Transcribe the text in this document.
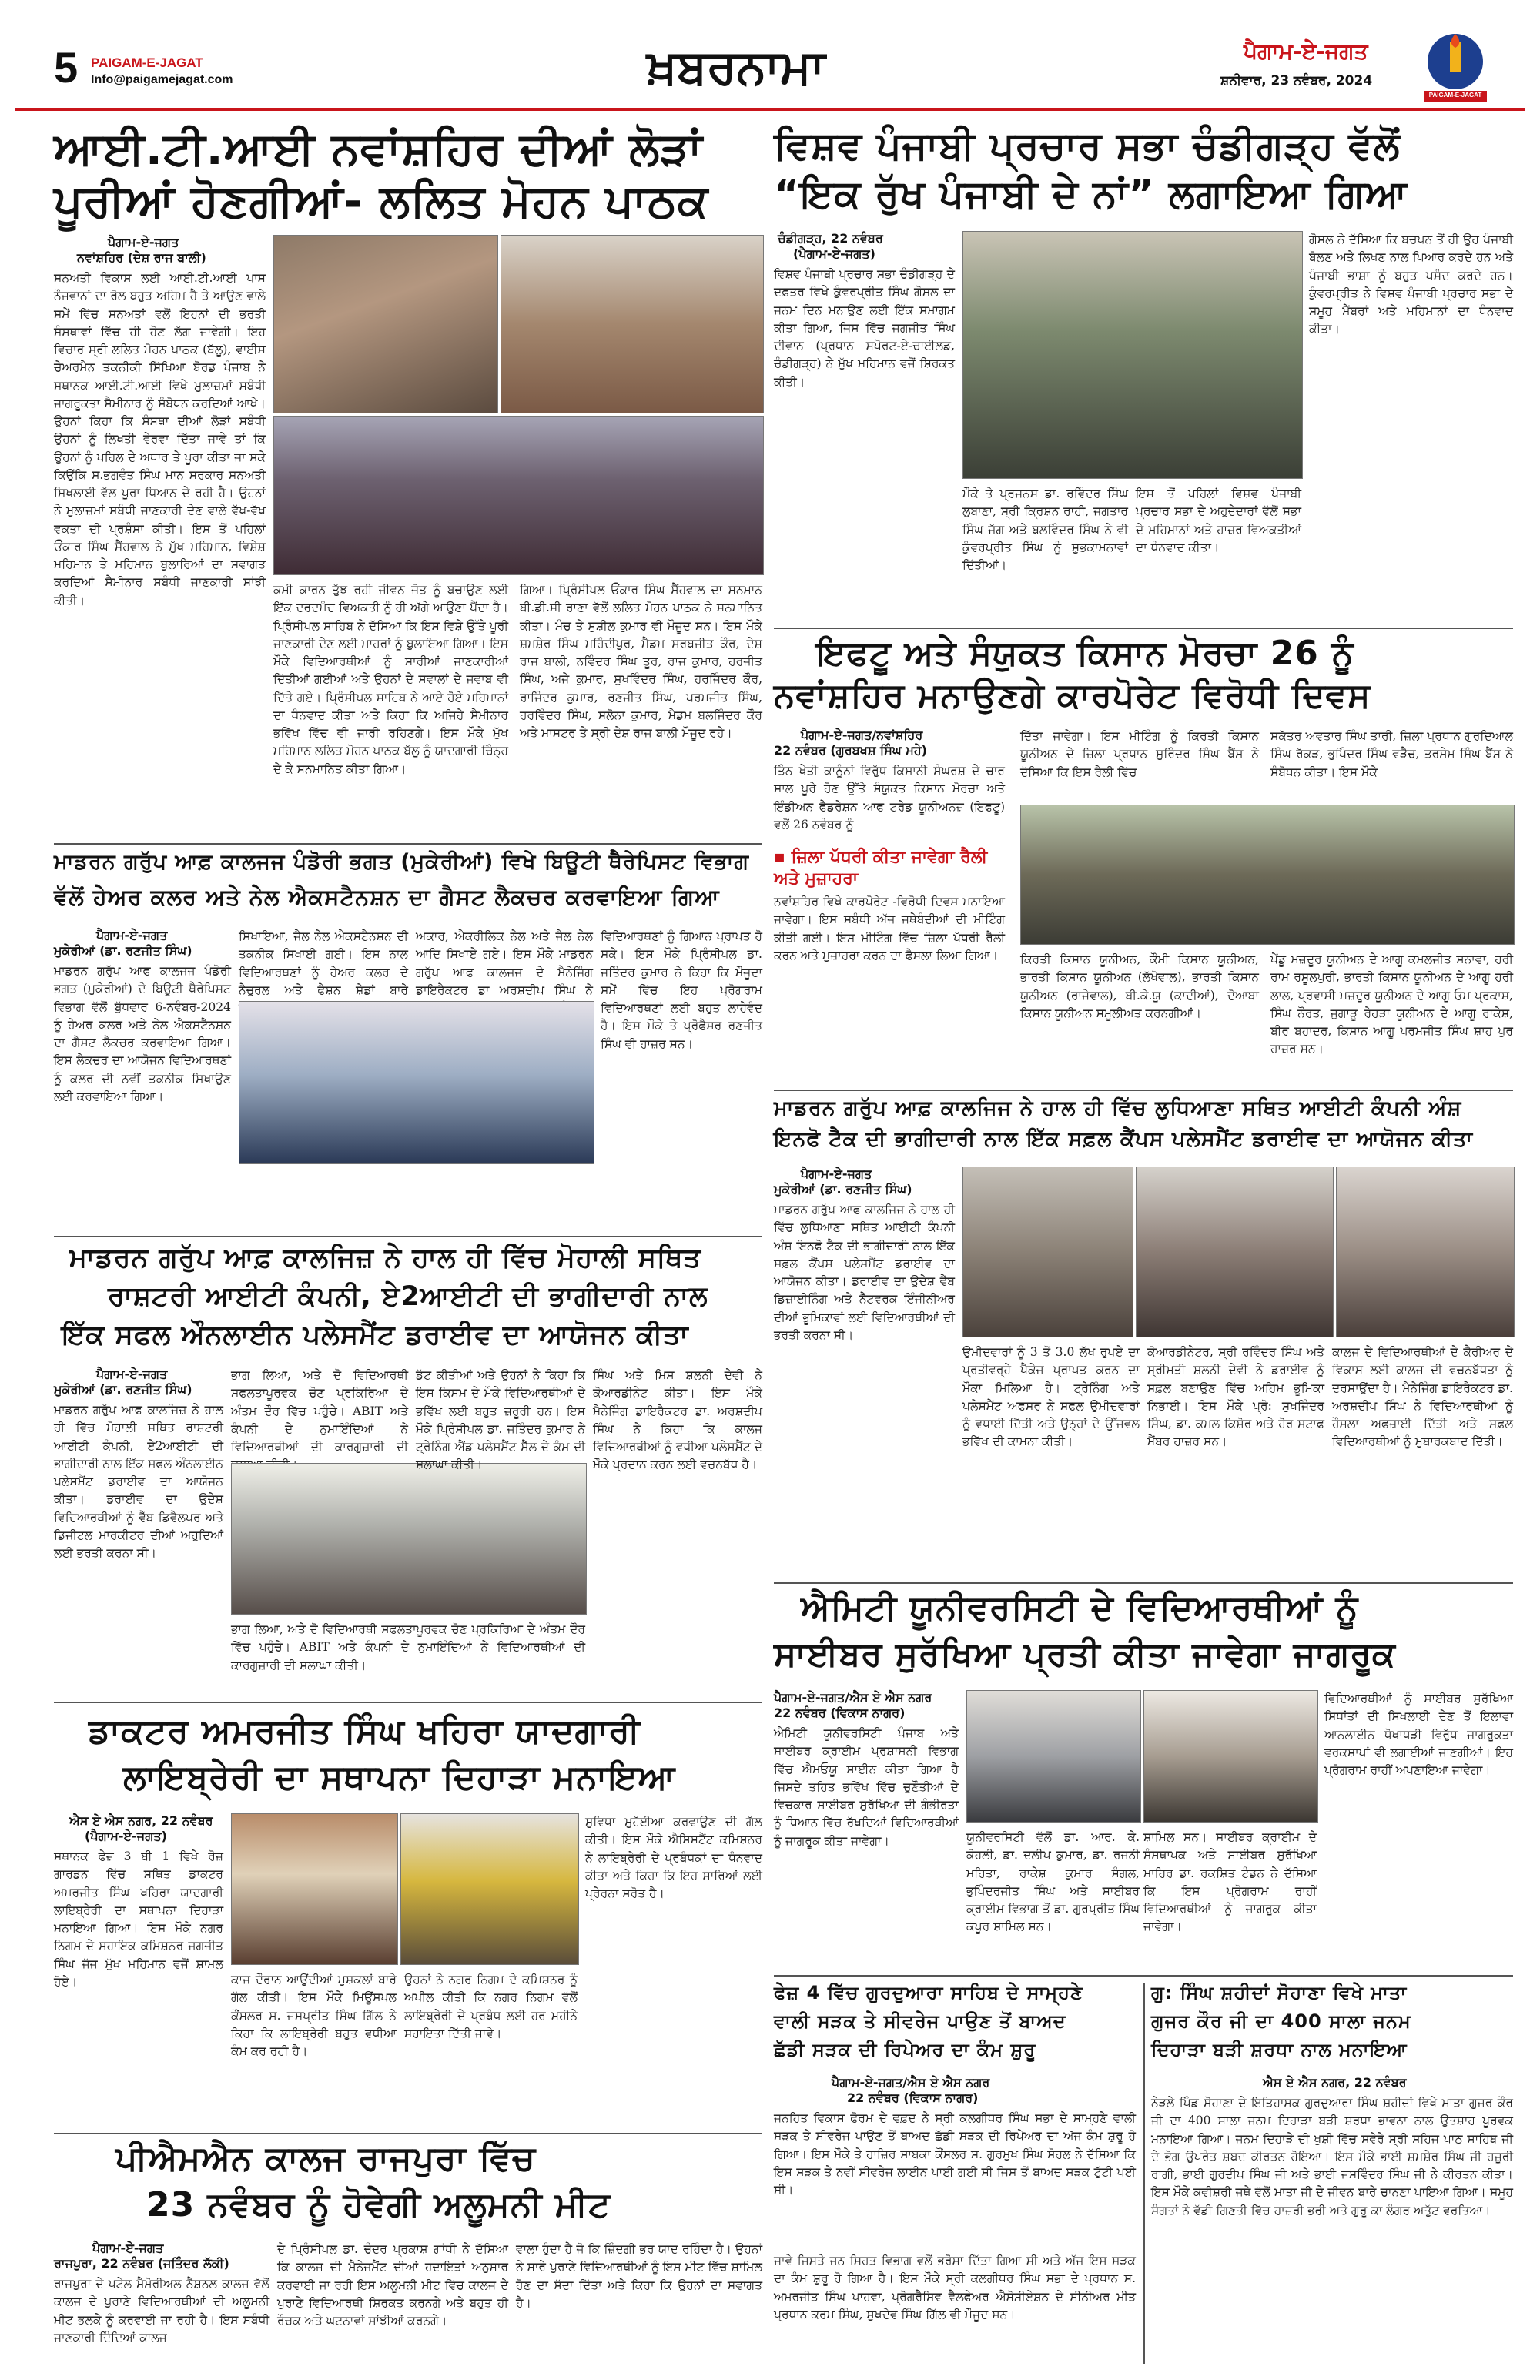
5 PAIGAM-E-JAGAT
Info@paigamejagat.com	ਖ਼ਬਰਨਾਮਾ	ਪੈਗਾਮ-ਏ-ਜਗਤ
ਸ਼ਨੀਵਾਰ, 23 ਨਵੰਬਰ, 2024
PAIGAM-E-JAGAT
ਆਈ.ਟੀ.ਆਈ ਨਵਾਂਸ਼ਹਿਰ ਦੀਆਂ ਲੋੜਾਂ
ਪੂਰੀਆਂ ਹੋਣਗੀਆਂ- ਲਲਿਤ ਮੋਹਨ ਪਾਠਕ
ਪੈਗਾਮ-ਏ-ਜਗਤ
ਨਵਾਂਸ਼ਹਿਰ (ਦੇਸ਼ ਰਾਜ ਬਾਲੀ)
ਸਨਅਤੀ ਵਿਕਾਸ ਲਈ ਆਈ.ਟੀ.ਆਈ ਪਾਸ ਨੌਜਵਾਨਾਂ ਦਾ ਰੋਲ ਬਹੁਤ ਅਹਿਮ ਹੈ ਤੇ ਆਉਣ ਵਾਲੇ ਸਮੇਂ ਵਿੱਚ ਸਨਅਤਾਂ ਵਲੋਂ ਇਹਨਾਂ ਦੀ ਭਰਤੀ ਸੰਸਥਾਵਾਂ ਵਿੱਚ ਹੀ ਹੋਣ ਲੱਗ ਜਾਵੇਗੀ। ਇਹ ਵਿਚਾਰ ਸ੍ਰੀ ਲਲਿਤ ਮੋਹਨ ਪਾਠਕ (ਬੱਲੂ), ਵਾਈਸ ਚੇਅਰਮੈਨ ਤਕਨੀਕੀ ਸਿੱਖਿਆ ਬੋਰਡ ਪੰਜਾਬ ਨੇ ਸਥਾਨਕ ਆਈ.ਟੀ.ਆਈ ਵਿਖੇ ਮੁਲਾਜ਼ਮਾਂ ਸਬੰਧੀ ਜਾਗਰੂਕਤਾ ਸੈਮੀਨਾਰ ਨੂੰ ਸੰਬੋਧਨ ਕਰਦਿਆਂ ਆਖੇ। ਉਹਨਾਂ ਕਿਹਾ ਕਿ ਸੰਸਥਾ ਦੀਆਂ ਲੋੜਾਂ ਸਬੰਧੀ ਉਹਨਾਂ ਨੂੰ ਲਿਖਤੀ ਵੇਰਵਾ ਦਿੱਤਾ ਜਾਵੇ ਤਾਂ ਕਿ ਉਹਨਾਂ ਨੂੰ ਪਹਿਲ ਦੇ ਅਧਾਰ ਤੇ ਪੂਰਾ ਕੀਤਾ ਜਾ ਸਕੇ ਕਿਉਂਕਿ ਸ.ਭਗਵੰਤ ਸਿੰਘ ਮਾਨ ਸਰਕਾਰ ਸਨਅਤੀ ਸਿਖਲਾਈ ਵੱਲ ਪੂਰਾ ਧਿਆਨ ਦੇ ਰਹੀ ਹੈ। ਉਹਨਾਂ ਨੇ ਮੁਲਾਜ਼ਮਾਂ ਸਬੰਧੀ ਜਾਣਕਾਰੀ ਦੇਣ ਵਾਲੇ ਵੱਖ-ਵੱਖ ਵਕਤਾ ਦੀ ਪ੍ਰਸ਼ੰਸਾ ਕੀਤੀ। ਇਸ ਤੋਂ ਪਹਿਲਾਂ ਓਂਕਾਰ ਸਿੰਘ ਸੈਂਹਵਾਲ ਨੇ ਮੁੱਖ ਮਹਿਮਾਨ, ਵਿਸ਼ੇਸ਼ ਮਹਿਮਾਨ ਤੇ ਮਹਿਮਾਨ ਬੁਲਾਰਿਆਂ ਦਾ ਸਵਾਗਤ ਕਰਦਿਆਂ ਸੈਮੀਨਾਰ ਸਬੰਧੀ ਜਾਣਕਾਰੀ ਸਾਂਝੀ ਕੀਤੀ।
ਕਮੀ ਕਾਰਨ ਤੁੱਝ ਰਹੀ ਜੀਵਨ ਜੋਤ ਨੂੰ ਬਚਾਉਣ ਲਈ ਇੱਕ ਦਰਦਮੰਦ ਵਿਅਕਤੀ ਨੂੰ ਹੀ ਅੱਗੇ ਆਉਣਾ ਪੈਂਦਾ ਹੈ। ਪ੍ਰਿੰਸੀਪਲ ਸਾਹਿਬ ਨੇ ਦੱਸਿਆ ਕਿ ਇਸ ਵਿਸ਼ੇ ਉੱਤੇ ਪੂਰੀ ਜਾਣਕਾਰੀ ਦੇਣ ਲਈ ਮਾਹਰਾਂ ਨੂੰ ਬੁਲਾਇਆ ਗਿਆ। ਇਸ ਮੌਕੇ ਵਿਦਿਆਰਥੀਆਂ ਨੂੰ ਸਾਰੀਆਂ ਜਾਣਕਾਰੀਆਂ ਦਿੱਤੀਆਂ ਗਈਆਂ ਅਤੇ ਉਹਨਾਂ ਦੇ ਸਵਾਲਾਂ ਦੇ ਜਵਾਬ ਵੀ ਦਿੱਤੇ ਗਏ। ਪ੍ਰਿੰਸੀਪਲ ਸਾਹਿਬ ਨੇ ਆਏ ਹੋਏ ਮਹਿਮਾਨਾਂ ਦਾ ਧੰਨਵਾਦ ਕੀਤਾ ਅਤੇ ਕਿਹਾ ਕਿ ਅਜਿਹੇ ਸੈਮੀਨਾਰ ਭਵਿੱਖ ਵਿੱਚ ਵੀ ਜਾਰੀ ਰਹਿਣਗੇ। ਇਸ ਮੌਕੇ ਮੁੱਖ ਮਹਿਮਾਨ ਲਲਿਤ ਮੋਹਨ ਪਾਠਕ ਬੱਲੂ ਨੂੰ ਯਾਦਗਾਰੀ ਚਿੰਨ੍ਹ ਦੇ ਕੇ ਸਨਮਾਨਿਤ ਕੀਤਾ ਗਿਆ।
ਗਿਆ। ਪ੍ਰਿੰਸੀਪਲ ਓਂਕਾਰ ਸਿੰਘ ਸੈਂਹਵਾਲ ਦਾ ਸਨਮਾਨ ਬੀ.ਡੀ.ਸੀ ਰਾਣਾ ਵੱਲੋਂ ਲਲਿਤ ਮੋਹਨ ਪਾਠਕ ਨੇ ਸਨਮਾਨਿਤ ਕੀਤਾ। ਮੰਚ ਤੇ ਸੁਸ਼ੀਲ ਕੁਮਾਰ ਵੀ ਮੌਜੂਦ ਸਨ। ਇਸ ਮੌਕੇ ਸ਼ਮਸ਼ੇਰ ਸਿੰਘ ਮਹਿੰਦੀਪੁਰ, ਮੈਡਮ ਸਰਬਜੀਤ ਕੌਰ, ਦੇਸ਼ ਰਾਜ ਬਾਲੀ, ਨਵਿੰਦਰ ਸਿੰਘ ਤੂਰ, ਰਾਜ ਕੁਮਾਰ, ਹਰਜੀਤ ਸਿੰਘ, ਅਜੇ ਕੁਮਾਰ, ਸੁਖਵਿੰਦਰ ਸਿੰਘ, ਹਰਜਿੰਦਰ ਕੌਰ, ਰਾਜਿੰਦਰ ਕੁਮਾਰ, ਰਣਜੀਤ ਸਿੰਘ, ਪਰਮਜੀਤ ਸਿੰਘ, ਹਰਵਿੰਦਰ ਸਿੰਘ, ਸਲੋਨਾ ਕੁਮਾਰ, ਮੈਡਮ ਬਲਜਿੰਦਰ ਕੌਰ ਅਤੇ ਮਾਸਟਰ ਤੇ ਸ੍ਰੀ ਦੇਸ਼ ਰਾਜ ਬਾਲੀ ਮੌਜੂਦ ਰਹੇ।
ਵਿਸ਼ਵ ਪੰਜਾਬੀ ਪ੍ਰਚਾਰ ਸਭਾ ਚੰਡੀਗੜ੍ਹ ਵੱਲੋਂ
“ਇਕ ਰੁੱਖ ਪੰਜਾਬੀ ਦੇ ਨਾਂ” ਲਗਾਇਆ ਗਿਆ
ਚੰਡੀਗੜ੍ਹ, 22 ਨਵੰਬਰ
(ਪੈਗਾਮ-ਏ-ਜਗਤ)
ਵਿਸ਼ਵ ਪੰਜਾਬੀ ਪ੍ਰਚਾਰ ਸਭਾ ਚੰਡੀਗੜ੍ਹ ਦੇ ਦਫ਼ਤਰ ਵਿਖੇ ਕੁੰਵਰਪ੍ਰੀਤ ਸਿੰਘ ਗੋਸਲ ਦਾ ਜਨਮ ਦਿਨ ਮਨਾਉਣ ਲਈ ਇੱਕ ਸਮਾਗਮ ਕੀਤਾ ਗਿਆ, ਜਿਸ ਵਿੱਚ ਜਗਜੀਤ ਸਿੰਘ ਦੀਵਾਨ (ਪ੍ਰਧਾਨ ਸਪੋਰਟ-ਏ-ਚਾਈਲਡ, ਚੰਡੀਗੜ੍ਹ) ਨੇ ਮੁੱਖ ਮਹਿਮਾਨ ਵਜੋਂ ਸ਼ਿਰਕਤ ਕੀਤੀ।
ਮੌਕੇ ਤੇ ਪ੍ਰਜਨਸ ਡਾ. ਰਵਿੰਦਰ ਸਿੰਘ ਲੁਬਾਣਾ, ਸ੍ਰੀ ਕ੍ਰਿਸ਼ਨ ਰਾਹੀ, ਜਗਤਾਰ ਸਿੰਘ ਜੱਗ ਅਤੇ ਬਲਵਿੰਦਰ ਸਿੰਘ ਨੇ ਵੀ ਕੁੰਵਰਪ੍ਰੀਤ ਸਿੰਘ ਨੂੰ ਸ਼ੁਭਕਾਮਨਾਵਾਂ ਦਿੱਤੀਆਂ।
ਇਸ ਤੋਂ ਪਹਿਲਾਂ ਵਿਸ਼ਵ ਪੰਜਾਬੀ ਪ੍ਰਚਾਰ ਸਭਾ ਦੇ ਅਹੁਦੇਦਾਰਾਂ ਵੱਲੋਂ ਸਭਾ ਦੇ ਮਹਿਮਾਨਾਂ ਅਤੇ ਹਾਜ਼ਰ ਵਿਅਕਤੀਆਂ ਦਾ ਧੰਨਵਾਦ ਕੀਤਾ।
ਗੋਸਲ ਨੇ ਦੱਸਿਆ ਕਿ ਬਚਪਨ ਤੋਂ ਹੀ ਉਹ ਪੰਜਾਬੀ ਬੋਲਣ ਅਤੇ ਲਿਖਣ ਨਾਲ ਪਿਆਰ ਕਰਦੇ ਹਨ ਅਤੇ ਪੰਜਾਬੀ ਭਾਸ਼ਾ ਨੂੰ ਬਹੁਤ ਪਸੰਦ ਕਰਦੇ ਹਨ। ਕੁੰਵਰਪ੍ਰੀਤ ਨੇ ਵਿਸ਼ਵ ਪੰਜਾਬੀ ਪ੍ਰਚਾਰ ਸਭਾ ਦੇ ਸਮੂਹ ਮੈਂਬਰਾਂ ਅਤੇ ਮਹਿਮਾਨਾਂ ਦਾ ਧੰਨਵਾਦ ਕੀਤਾ।
ਇਫਟੂ ਅਤੇ ਸੰਯੁਕਤ ਕਿਸਾਨ ਮੋਰਚਾ 26 ਨੂੰ
ਨਵਾਂਸ਼ਹਿਰ ਮਨਾਉਣਗੇ ਕਾਰਪੋਰੇਟ ਵਿਰੋਧੀ ਦਿਵਸ
ਪੈਗਾਮ-ਏ-ਜਗਤ/ਨਵਾਂਸ਼ਹਿਰ
22 ਨਵੰਬਰ (ਗੁਰਬਖਸ਼ ਸਿੰਘ ਮਹੇ)
ਤਿੰਨ ਖੇਤੀ ਕਾਨੂੰਨਾਂ ਵਿਰੁੱਧ ਕਿਸਾਨੀ ਸੰਘਰਸ਼ ਦੇ ਚਾਰ ਸਾਲ ਪੂਰੇ ਹੋਣ ਉੱਤੇ ਸੰਯੁਕਤ ਕਿਸਾਨ ਮੋਰਚਾ ਅਤੇ ਇੰਡੀਅਨ ਫੈਡਰੇਸ਼ਨ ਆਫ ਟਰੇਡ ਯੂਨੀਅਨਜ਼ (ਇਫਟੂ) ਵਲੋਂ 26 ਨਵੰਬਰ ਨੂੰ
▪ ਜ਼ਿਲਾ ਪੱਧਰੀ ਕੀਤਾ ਜਾਵੇਗਾ ਰੈਲੀ ਅਤੇ ਮੁਜ਼ਾਹਰਾ
ਦਿੱਤਾ ਜਾਵੇਗਾ। ਇਸ ਮੀਟਿੰਗ ਨੂੰ ਕਿਰਤੀ ਕਿਸਾਨ ਯੂਨੀਅਨ ਦੇ ਜ਼ਿਲਾ ਪ੍ਰਧਾਨ ਸੁਰਿੰਦਰ ਸਿੰਘ ਬੈਂਸ ਨੇ ਦੱਸਿਆ ਕਿ ਇਸ ਰੈਲੀ ਵਿੱਚ
ਸਕੱਤਰ ਅਵਤਾਰ ਸਿੰਘ ਤਾਰੀ, ਜ਼ਿਲਾ ਪ੍ਰਧਾਨ ਗੁਰਦਿਆਲ ਸਿੰਘ ਰੱਕੜ, ਭੁਪਿੰਦਰ ਸਿੰਘ ਵੜੈਚ, ਤਰਸੇਮ ਸਿੰਘ ਬੈਂਸ ਨੇ ਸੰਬੋਧਨ ਕੀਤਾ। ਇਸ ਮੌਕੇ
ਨਵਾਂਸ਼ਹਿਰ ਵਿਖੇ ਕਾਰਪੋਰੇਟ -ਵਿਰੋਧੀ ਦਿਵਸ ਮਨਾਇਆ ਜਾਵੇਗਾ। ਇਸ ਸਬੰਧੀ ਅੱਜ ਜਥੇਬੰਦੀਆਂ ਦੀ ਮੀਟਿੰਗ ਕੀਤੀ ਗਈ। ਇਸ ਮੀਟਿੰਗ ਵਿੱਚ ਜ਼ਿਲਾ ਪੱਧਰੀ ਰੈਲੀ ਕਰਨ ਅਤੇ ਮੁਜ਼ਾਹਰਾ ਕਰਨ ਦਾ ਫੈਸਲਾ ਲਿਆ ਗਿਆ।	ਕਿਰਤੀ ਕਿਸਾਨ ਯੂਨੀਅਨ, ਕੌਮੀ ਕਿਸਾਨ ਯੂਨੀਅਨ, ਭਾਰਤੀ ਕਿਸਾਨ ਯੂਨੀਅਨ (ਲੱਖੋਵਾਲ), ਭਾਰਤੀ ਕਿਸਾਨ ਯੂਨੀਅਨ (ਰਾਜੇਵਾਲ), ਬੀ.ਕੇ.ਯੂ (ਕਾਦੀਆਂ), ਦੋਆਬਾ ਕਿਸਾਨ ਯੂਨੀਅਨ ਸਮੂਲੀਅਤ ਕਰਨਗੀਆਂ।
ਪੇਂਡੂ ਮਜ਼ਦੂਰ ਯੂਨੀਅਨ ਦੇ ਆਗੂ ਕਮਲਜੀਤ ਸਨਾਵਾ, ਹਰੀ ਰਾਮ ਰਸੂਲਪੁਰੀ, ਭਾਰਤੀ ਕਿਸਾਨ ਯੂਨੀਅਨ ਦੇ ਆਗੂ ਹਰੀ ਲਾਲ, ਪ੍ਰਵਾਸੀ ਮਜ਼ਦੂਰ ਯੂਨੀਅਨ ਦੇ ਆਗੂ ਓਮ ਪ੍ਰਕਾਸ਼, ਸਿੰਘ ਨੌਰਤ, ਜੁਗਾੜੂ ਰੇਹੜਾ ਯੂਨੀਅਨ ਦੇ ਆਗੂ ਰਾਕੇਸ਼, ਬੀਰ ਬਹਾਦਰ, ਕਿਸਾਨ ਆਗੂ ਪਰਮਜੀਤ ਸਿੰਘ ਸ਼ਾਹ ਪੁਰ ਹਾਜ਼ਰ ਸਨ।
ਮਾਡਰਨ ਗਰੁੱਪ ਆਫ਼ ਕਾਲਜਜ ਪੰਡੋਰੀ ਭਗਤ (ਮੁਕੇਰੀਆਂ) ਵਿਖੇ ਬਿਊਟੀ ਥੈਰੇਪਿਸਟ ਵਿਭਾਗ
ਵੱਲੋਂ ਹੇਅਰ ਕਲਰ ਅਤੇ ਨੇਲ ਐਕਸਟੈਨਸ਼ਨ ਦਾ ਗੈਸਟ ਲੈਕਚਰ ਕਰਵਾਇਆ ਗਿਆ
ਪੈਗਾਮ-ਏ-ਜਗਤ
ਮੁਕੇਰੀਆਂ (ਡਾ. ਰਣਜੀਤ ਸਿੰਘ)
ਮਾਡਰਨ ਗਰੁੱਪ ਆਫ ਕਾਲਜਜ ਪੰਡੋਰੀ ਭਗਤ (ਮੁਕੇਰੀਆਂ) ਦੇ ਬਿਊਟੀ ਥੈਰੇਪਿਸਟ ਵਿਭਾਗ ਵੱਲੋਂ ਬੁੱਧਵਾਰ 6-ਨਵੰਬਰ-2024 ਨੂੰ ਹੇਅਰ ਕਲਰ ਅਤੇ ਨੇਲ ਐਕਸਟੈਨਸ਼ਨ ਦਾ ਗੈਸਟ ਲੈਕਚਰ ਕਰਵਾਇਆ ਗਿਆ। ਇਸ ਲੈਕਚਰ ਦਾ ਆਯੋਜਨ ਵਿਦਿਆਰਥਣਾਂ ਨੂੰ ਕਲਰ ਦੀ ਨਵੀਂ ਤਕਨੀਕ ਸਿਖਾਉਣ ਲਈ ਕਰਵਾਇਆ ਗਿਆ।
ਸਿਖਾਇਆ, ਜੈਲ ਨੇਲ ਐਕਸਟੈਨਸ਼ਨ ਦੀ ਤਕਨੀਕ ਸਿਖਾਈ ਗਈ। ਇਸ ਨਾਲ ਵਿਦਿਆਰਥਣਾਂ ਨੂੰ ਹੇਅਰ ਕਲਰ ਦੇ ਨੈਚੁਰਲ ਅਤੇ ਫੈਸ਼ਨ ਸ਼ੇਡਾਂ ਬਾਰੇ
ਅਕਾਰ, ਐਕਰੀਲਿਕ ਨੇਲ ਅਤੇ ਜੈਲ ਨੇਲ ਆਦਿ ਸਿਖਾਏ ਗਏ। ਇਸ ਮੌਕੇ ਮਾਡਰਨ ਗਰੁੱਪ ਆਫ ਕਾਲਜਜ ਦੇ ਮੈਨੇਜਿੰਗ ਡਾਇਰੈਕਟਰ ਡਾ ਅਰਸ਼ਦੀਪ ਸਿੰਘ ਨੇ
ਵਿਦਿਆਰਥਣਾਂ ਨੂੰ ਗਿਆਨ ਪ੍ਰਾਪਤ ਹੋ ਸਕੇ। ਇਸ ਮੌਕੇ ਪ੍ਰਿੰਸੀਪਲ ਡਾ. ਜਤਿੰਦਰ ਕੁਮਾਰ ਨੇ ਕਿਹਾ ਕਿ ਮੌਜੂਦਾ ਸਮੇਂ ਵਿੱਚ ਇਹ ਪ੍ਰੋਗਰਾਮ ਵਿਦਿਆਰਥਣਾਂ ਲਈ ਬਹੁਤ ਲਾਹੇਵੰਦ ਹੈ। ਇਸ ਮੌਕੇ ਤੇ ਪ੍ਰੋਫੈਸਰ ਰਣਜੀਤ ਸਿੰਘ ਵੀ ਹਾਜ਼ਰ ਸਨ।
ਮਾਡਰਨ ਗਰੁੱਪ ਆਫ਼ ਕਾਲਜਿਜ਼ ਨੇ ਹਾਲ ਹੀ ਵਿੱਚ ਮੋਹਾਲੀ ਸਥਿਤ
ਰਾਸ਼ਟਰੀ ਆਈਟੀ ਕੰਪਨੀ, ਏ2ਆਈਟੀ ਦੀ ਭਾਗੀਦਾਰੀ ਨਾਲ
ਇੱਕ ਸਫਲ ਔਨਲਾਈਨ ਪਲੇਸਮੈਂਟ ਡਰਾਈਵ ਦਾ ਆਯੋਜਨ ਕੀਤਾ
ਪੈਗਾਮ-ਏ-ਜਗਤ
ਮੁਕੇਰੀਆਂ (ਡਾ. ਰਣਜੀਤ ਸਿੰਘ)
ਮਾਡਰਨ ਗਰੁੱਪ ਆਫ ਕਾਲਜਿਜ਼ ਨੇ ਹਾਲ ਹੀ ਵਿੱਚ ਮੋਹਾਲੀ ਸਥਿਤ ਰਾਸ਼ਟਰੀ ਆਈਟੀ ਕੰਪਨੀ, ਏ2ਆਈਟੀ ਦੀ ਭਾਗੀਦਾਰੀ ਨਾਲ ਇੱਕ ਸਫਲ ਔਨਲਾਈਨ ਪਲੇਸਮੈਂਟ ਡਰਾਈਵ ਦਾ ਆਯੋਜਨ ਕੀਤਾ। ਡਰਾਈਵ ਦਾ ਉਦੇਸ਼ ਵਿਦਿਆਰਥੀਆਂ ਨੂੰ ਵੈੱਬ ਡਿਵੈਲਪਰ ਅਤੇ ਡਿਜੀਟਲ ਮਾਰਕੀਟਰ ਦੀਆਂ ਅਹੁਦਿਆਂ ਲਈ ਭਰਤੀ ਕਰਨਾ ਸੀ।
ਭਾਗ ਲਿਆ, ਅਤੇ ਦੋ ਵਿਦਿਆਰਥੀ ਸਫਲਤਾਪੂਰਵਕ ਚੋਣ ਪ੍ਰਕਿਰਿਆ ਦੇ ਅੰਤਮ ਦੌਰ ਵਿੱਚ ਪਹੁੰਚੇ। ABIT ਅਤੇ ਕੰਪਨੀ ਦੇ ਨੁਮਾਇੰਦਿਆਂ ਨੇ ਵਿਦਿਆਰਥੀਆਂ ਦੀ ਕਾਰਗੁਜ਼ਾਰੀ ਦੀ
ਡੱਟ ਕੀਤੀਆਂ ਅਤੇ ਉਹਨਾਂ ਨੇ ਕਿਹਾ ਕਿ ਇਸ ਕਿਸਮ ਦੇ ਮੌਕੇ ਵਿਦਿਆਰਥੀਆਂ ਦੇ ਭਵਿੱਖ ਲਈ ਬਹੁਤ ਜ਼ਰੂਰੀ ਹਨ। ਇਸ ਮੌਕੇ ਪ੍ਰਿੰਸੀਪਲ ਡਾ. ਜਤਿੰਦਰ ਕੁਮਾਰ ਨੇ ਟ੍ਰੇਨਿੰਗ ਐਂਡ ਪਲੇਸਮੈਂਟ ਸੈੱਲ ਦੇ ਕੰਮ ਦੀ ਸ਼ਲਾਘਾ ਕੀਤੀ।
ਸਿੰਘ ਅਤੇ ਮਿਸ ਸ਼ਲਨੀ ਦੇਵੀ ਨੇ ਕੋਆਰਡੀਨੇਟ ਕੀਤਾ। ਇਸ ਮੌਕੇ ਮੈਨੇਜਿੰਗ ਡਾਇਰੈਕਟਰ ਡਾ. ਅਰਸ਼ਦੀਪ ਸਿੰਘ ਨੇ ਕਿਹਾ ਕਿ ਕਾਲਜ ਵਿਦਿਆਰਥੀਆਂ ਨੂੰ ਵਧੀਆ ਪਲੇਸਮੈਂਟ ਦੇ ਮੌਕੇ ਪ੍ਰਦਾਨ ਕਰਨ ਲਈ ਵਚਨਬੱਧ ਹੈ।
ਭਾਗ ਲਿਆ, ਅਤੇ ਦੋ ਵਿਦਿਆਰਥੀ ਸਫਲਤਾਪੂਰਵਕ ਚੋਣ ਪ੍ਰਕਿਰਿਆ ਦੇ ਅੰਤਮ ਦੌਰ ਵਿੱਚ ਪਹੁੰਚੇ। ABIT ਅਤੇ ਕੰਪਨੀ ਦੇ ਨੁਮਾਇੰਦਿਆਂ ਨੇ ਵਿਦਿਆਰਥੀਆਂ ਦੀ ਕਾਰਗੁਜ਼ਾਰੀ ਦੀ ਸ਼ਲਾਘਾ ਕੀਤੀ।
ਮਾਡਰਨ ਗਰੁੱਪ ਆਫ਼ ਕਾਲਜਿਜ ਨੇ ਹਾਲ ਹੀ ਵਿੱਚ ਲੁਧਿਆਣਾ ਸਥਿਤ ਆਈਟੀ ਕੰਪਨੀ ਅੰਸ਼
ਇਨਫੋ ਟੈਕ ਦੀ ਭਾਗੀਦਾਰੀ ਨਾਲ ਇੱਕ ਸਫ਼ਲ ਕੈਂਪਸ ਪਲੇਸਮੈਂਟ ਡਰਾਈਵ ਦਾ ਆਯੋਜਨ ਕੀਤਾ
ਪੈਗਾਮ-ਏ-ਜਗਤ
ਮੁਕੇਰੀਆਂ (ਡਾ. ਰਣਜੀਤ ਸਿੰਘ)
ਮਾਡਰਨ ਗਰੁੱਪ ਆਫ ਕਾਲਜਿਜ ਨੇ ਹਾਲ ਹੀ ਵਿੱਚ ਲੁਧਿਆਣਾ ਸਥਿਤ ਆਈਟੀ ਕੰਪਨੀ ਅੰਸ਼ ਇਨਫੋ ਟੈਕ ਦੀ ਭਾਗੀਦਾਰੀ ਨਾਲ ਇੱਕ ਸਫ਼ਲ ਕੈਂਪਸ ਪਲੇਸਮੈਂਟ ਡਰਾਈਵ ਦਾ ਆਯੋਜਨ ਕੀਤਾ। ਡਰਾਈਵ ਦਾ ਉਦੇਸ਼ ਵੈੱਬ ਡਿਜ਼ਾਈਨਿੰਗ ਅਤੇ ਨੈੱਟਵਰਕ ਇੰਜੀਨੀਅਰ ਦੀਆਂ ਭੂਮਿਕਾਵਾਂ ਲਈ ਵਿਦਿਆਰਥੀਆਂ ਦੀ ਭਰਤੀ ਕਰਨਾ ਸੀ।
ਉਮੀਦਵਾਰਾਂ ਨੂੰ 3 ਤੋਂ 3.0 ਲੱਖ ਰੁਪਏ ਦਾ ਪ੍ਰਤੀਵਰ੍ਹੇ ਪੈਕੇਜ ਪ੍ਰਾਪਤ ਕਰਨ ਦਾ ਮੌਕਾ ਮਿਲਿਆ ਹੈ। ਟ੍ਰੇਨਿੰਗ ਅਤੇ ਪਲੇਸਮੈਂਟ ਅਫਸਰ ਨੇ ਸਫਲ ਉਮੀਦਵਾਰਾਂ ਨੂੰ ਵਧਾਈ ਦਿੱਤੀ ਅਤੇ ਉਨ੍ਹਾਂ ਦੇ ਉੱਜਵਲ ਭਵਿੱਖ ਦੀ ਕਾਮਨਾ ਕੀਤੀ।
ਕੋਆਰਡੀਨੇਟਰ, ਸ੍ਰੀ ਰਵਿੰਦਰ ਸਿੰਘ ਅਤੇ ਸ੍ਰੀਮਤੀ ਸ਼ਲਨੀ ਦੇਵੀ ਨੇ ਡਰਾਈਵ ਨੂੰ ਸਫ਼ਲ ਬਣਾਉਣ ਵਿੱਚ ਅਹਿਮ ਭੂਮਿਕਾ ਨਿਭਾਈ। ਇਸ ਮੌਕੇ ਪ੍ਰੋ: ਸੁਖਜਿੰਦਰ ਸਿੰਘ, ਡਾ. ਕਮਲ ਕਿਸ਼ੋਰ ਅਤੇ ਹੋਰ ਸਟਾਫ਼ ਮੈਂਬਰ ਹਾਜ਼ਰ ਸਨ।
ਕਾਲਜ ਦੇ ਵਿਦਿਆਰਥੀਆਂ ਦੇ ਕੈਰੀਅਰ ਦੇ ਵਿਕਾਸ ਲਈ ਕਾਲਜ ਦੀ ਵਚਨਬੱਧਤਾ ਨੂੰ ਦਰਸਾਉਂਦਾ ਹੈ। ਮੈਨੇਜਿੰਗ ਡਾਇਰੈਕਟਰ ਡਾ. ਅਰਸ਼ਦੀਪ ਸਿੰਘ ਨੇ ਵਿਦਿਆਰਥੀਆਂ ਨੂੰ ਹੌਸਲਾ ਅਫਜ਼ਾਈ ਦਿੱਤੀ ਅਤੇ ਸਫ਼ਲ ਵਿਦਿਆਰਥੀਆਂ ਨੂੰ ਮੁਬਾਰਕਬਾਦ ਦਿੱਤੀ।
ਐਮਿਟੀ ਯੂਨੀਵਰਸਿਟੀ ਦੇ ਵਿਦਿਆਰਥੀਆਂ ਨੂੰ
ਸਾਈਬਰ ਸੁਰੱਖਿਆ ਪ੍ਰਤੀ ਕੀਤਾ ਜਾਵੇਗਾ ਜਾਗਰੂਕ
ਪੈਗਾਮ-ਏ-ਜਗਤ/ਐਸ ਏ ਐਸ ਨਗਰ
22 ਨਵੰਬਰ (ਵਿਕਾਸ ਨਾਗਰ)
ਐਮਿਟੀ ਯੂਨੀਵਰਸਿਟੀ ਪੰਜਾਬ ਅਤੇ ਸਾਈਬਰ ਕ੍ਰਾਈਮ ਪ੍ਰਸ਼ਾਸਨੀ ਵਿਭਾਗ ਵਿੱਚ ਐਮਓਯੂ ਸਾਈਨ ਕੀਤਾ ਗਿਆ ਹੈ ਜਿਸਦੇ ਤਹਿਤ ਭਵਿੱਖ ਵਿੱਚ ਚੁਣੌਤੀਆਂ ਦੇ ਵਿਚਕਾਰ ਸਾਈਬਰ ਸੁਰੱਖਿਆ ਦੀ ਗੰਭੀਰਤਾ ਨੂੰ ਧਿਆਨ ਵਿੱਚ ਰੱਖਦਿਆਂ ਵਿਦਿਆਰਥੀਆਂ ਨੂੰ ਜਾਗਰੂਕ ਕੀਤਾ ਜਾਵੇਗਾ।	ਯੂਨੀਵਰਸਿਟੀ ਵੱਲੋਂ ਡਾ. ਆਰ. ਕੇ. ਕੋਹਲੀ, ਡਾ. ਦਲੀਪ ਕੁਮਾਰ, ਡਾ. ਰਜਨੀ ਮਹਿਤਾ, ਰਾਕੇਸ਼ ਕੁਮਾਰ ਸੰਗਲ, ਭੁਪਿੰਦਰਜੀਤ ਸਿੰਘ ਅਤੇ ਸਾਈਬਰ ਕ੍ਰਾਈਮ ਵਿਭਾਗ ਤੋਂ ਡਾ. ਗੁਰਪ੍ਰੀਤ ਸਿੰਘ ਕਪੂਰ ਸ਼ਾਮਿਲ ਸਨ।
ਸ਼ਾਮਿਲ ਸਨ। ਸਾਈਬਰ ਕ੍ਰਾਈਮ ਦੇ ਸੰਸਥਾਪਕ ਅਤੇ ਸਾਈਬਰ ਸੁਰੱਖਿਆ ਮਾਹਿਰ ਡਾ. ਰਕਸ਼ਿਤ ਟੰਡਨ ਨੇ ਦੱਸਿਆ ਕਿ ਇਸ ਪ੍ਰੋਗਰਾਮ ਰਾਹੀਂ ਵਿਦਿਆਰਥੀਆਂ ਨੂੰ ਜਾਗਰੂਕ ਕੀਤਾ ਜਾਵੇਗਾ।
ਵਿਦਿਆਰਥੀਆਂ ਨੂੰ ਸਾਈਬਰ ਸੁਰੱਖਿਆ ਸਿਧਾਂਤਾਂ ਦੀ ਸਿਖਲਾਈ ਦੇਣ ਤੋਂ ਇਲਾਵਾ ਆਨਲਾਈਨ ਧੋਖਾਧੜੀ ਵਿਰੁੱਧ ਜਾਗਰੂਕਤਾ ਵਰਕਸ਼ਾਪਾਂ ਵੀ ਲਗਾਈਆਂ ਜਾਣਗੀਆਂ। ਇਹ ਪ੍ਰੋਗਰਾਮ ਰਾਹੀਂ ਅਪਣਾਇਆ ਜਾਵੇਗਾ।
ਡਾਕਟਰ ਅਮਰਜੀਤ ਸਿੰਘ ਖਹਿਰਾ ਯਾਦਗਾਰੀ
ਲਾਇਬ੍ਰੇਰੀ ਦਾ ਸਥਾਪਨਾ ਦਿਹਾੜਾ ਮਨਾਇਆ
ਐਸ ਏ ਐਸ ਨਗਰ, 22 ਨਵੰਬਰ
(ਪੈਗਾਮ-ਏ-ਜਗਤ)
ਸਥਾਨਕ ਫੇਜ਼ 3 ਬੀ 1 ਵਿਖੇ ਰੋਜ਼ ਗਾਰਡਨ ਵਿੱਚ ਸਥਿਤ ਡਾਕਟਰ ਅਮਰਜੀਤ ਸਿੰਘ ਖਹਿਰਾ ਯਾਦਗਾਰੀ ਲਾਇਬ੍ਰੇਰੀ ਦਾ ਸਥਾਪਨਾ ਦਿਹਾੜਾ ਮਨਾਇਆ ਗਿਆ। ਇਸ ਮੌਕੇ ਨਗਰ ਨਿਗਮ ਦੇ ਸਹਾਇਕ ਕਮਿਸ਼ਨਰ ਜਗਜੀਤ ਸਿੰਘ ਜੱਜ ਮੁੱਖ ਮਹਿਮਾਨ ਵਜੋਂ ਸ਼ਾਮਲ ਹੋਏ।	ਕਾਜ ਦੌਰਾਨ ਆਉਂਦੀਆਂ ਮੁਸ਼ਕਲਾਂ ਬਾਰੇ ਗੱਲ ਕੀਤੀ। ਇਸ ਮੌਕੇ ਮਿਊਂਸਪਲ ਕੌਂਸਲਰ ਸ. ਜਸਪ੍ਰੀਤ ਸਿੰਘ ਗਿੱਲ ਨੇ ਕਿਹਾ ਕਿ ਲਾਇਬ੍ਰੇਰੀ ਬਹੁਤ ਵਧੀਆ ਕੰਮ ਕਰ ਰਹੀ ਹੈ।
ਉਹਨਾਂ ਨੇ ਨਗਰ ਨਿਗਮ ਦੇ ਕਮਿਸ਼ਨਰ ਨੂੰ ਅਪੀਲ ਕੀਤੀ ਕਿ ਨਗਰ ਨਿਗਮ ਵੱਲੋਂ ਲਾਇਬ੍ਰੇਰੀ ਦੇ ਪ੍ਰਬੰਧ ਲਈ ਹਰ ਮਹੀਨੇ ਸਹਾਇਤਾ ਦਿੱਤੀ ਜਾਵੇ।
ਸੁਵਿਧਾ ਮੁਹੱਈਆ ਕਰਵਾਉਣ ਦੀ ਗੱਲ ਕੀਤੀ। ਇਸ ਮੌਕੇ ਐਸਿਸਟੈਂਟ ਕਮਿਸ਼ਨਰ ਨੇ ਲਾਇਬ੍ਰੇਰੀ ਦੇ ਪ੍ਰਬੰਧਕਾਂ ਦਾ ਧੰਨਵਾਦ ਕੀਤਾ ਅਤੇ ਕਿਹਾ ਕਿ ਇਹ ਸਾਰਿਆਂ ਲਈ ਪ੍ਰੇਰਨਾ ਸਰੋਤ ਹੈ।
ਪੀਐਮਐਨ ਕਾਲਜ ਰਾਜਪੁਰਾ ਵਿੱਚ
23 ਨਵੰਬਰ ਨੂੰ ਹੋਵੇਗੀ ਅਲੂਮਨੀ ਮੀਟ
ਪੈਗਾਮ-ਏ-ਜਗਤ
ਰਾਜਪੁਰਾ, 22 ਨਵੰਬਰ (ਜਤਿੰਦਰ ਲੱਕੀ)
ਰਾਜਪੁਰਾ ਦੇ ਪਟੇਲ ਮੈਮੋਰੀਅਲ ਨੈਸ਼ਨਲ ਕਾਲਜ ਵੱਲੋਂ ਕਾਲਜ ਦੇ ਪੁਰਾਣੇ ਵਿਦਿਆਰਥੀਆਂ ਦੀ ਅਲੂਮਨੀ ਮੀਟ ਭਲਕੇ ਨੂੰ ਕਰਵਾਈ ਜਾ ਰਹੀ ਹੈ। ਇਸ ਸਬੰਧੀ ਜਾਣਕਾਰੀ ਦਿੰਦਿਆਂ ਕਾਲਜ
ਦੇ ਪ੍ਰਿੰਸੀਪਲ ਡਾ. ਚੰਦਰ ਪ੍ਰਕਾਸ਼ ਗਾਂਧੀ ਨੇ ਦੱਸਿਆ ਕਿ ਕਾਲਜ ਦੀ ਮੈਨੇਜਮੈਂਟ ਦੀਆਂ ਹਦਾਇਤਾਂ ਅਨੁਸਾਰ ਕਰਵਾਈ ਜਾ ਰਹੀ ਇਸ ਅਲੂਮਨੀ ਮੀਟ ਵਿੱਚ ਕਾਲਜ ਦੇ ਪੁਰਾਣੇ ਵਿਦਿਆਰਥੀ ਸ਼ਿਰਕਤ ਕਰਨਗੇ ਅਤੇ ਬਹੁਤ ਹੀ ਰੌਚਕ ਅਤੇ ਘਟਨਾਵਾਂ ਸਾਂਝੀਆਂ ਕਰਨਗੇ।
ਵਾਲਾ ਹੁੰਦਾ ਹੈ ਜੋ ਕਿ ਜ਼ਿੰਦਗੀ ਭਰ ਯਾਦ ਰਹਿੰਦਾ ਹੈ। ਉਹਨਾਂ ਨੇ ਸਾਰੇ ਪੁਰਾਣੇ ਵਿਦਿਆਰਥੀਆਂ ਨੂੰ ਇਸ ਮੀਟ ਵਿੱਚ ਸ਼ਾਮਿਲ ਹੋਣ ਦਾ ਸੱਦਾ ਦਿੱਤਾ ਅਤੇ ਕਿਹਾ ਕਿ ਉਹਨਾਂ ਦਾ ਸਵਾਗਤ ਹੈ।
ਫੇਜ਼ 4 ਵਿੱਚ ਗੁਰਦੁਆਰਾ ਸਾਹਿਬ ਦੇ ਸਾਮ੍ਹਣੇ
ਵਾਲੀ ਸੜਕ ਤੇ ਸੀਵਰੇਜ ਪਾਉਣ ਤੋਂ ਬਾਅਦ
ਛੱਡੀ ਸੜਕ ਦੀ ਰਿਪੇਅਰ ਦਾ ਕੰਮ ਸ਼ੁਰੂ
ਪੈਗਾਮ-ਏ-ਜਗਤ/ਐਸ ਏ ਐਸ ਨਗਰ
22 ਨਵੰਬਰ (ਵਿਕਾਸ ਨਾਗਰ)
ਜਨਹਿਤ ਵਿਕਾਸ ਫੋਰਮ ਦੇ ਵਫ਼ਦ ਨੇ ਸ੍ਰੀ ਕਲਗੀਧਰ ਸਿੰਘ ਸਭਾ ਦੇ ਸਾਮ੍ਹਣੇ ਵਾਲੀ ਸੜਕ ਤੇ ਸੀਵਰੇਜ ਪਾਉਣ ਤੋਂ ਬਾਅਦ ਛੱਡੀ ਸੜਕ ਦੀ ਰਿਪੇਅਰ ਦਾ ਅੱਜ ਕੰਮ ਸ਼ੁਰੂ ਹੋ ਗਿਆ। ਇਸ ਮੌਕੇ ਤੇ ਹਾਜ਼ਿਰ ਸਾਬਕਾ ਕੌਂਸਲਰ ਸ. ਗੁਰਮੁਖ ਸਿੰਘ ਸੋਹਲ ਨੇ ਦੱਸਿਆ ਕਿ ਇਸ ਸੜਕ ਤੇ ਨਵੀਂ ਸੀਵਰੇਜ ਲਾਈਨ ਪਾਈ ਗਈ ਸੀ ਜਿਸ ਤੋਂ ਬਾਅਦ ਸੜਕ ਟੁੱਟੀ ਪਈ ਸੀ।
ਜਾਵੇ ਜਿਸਤੇ ਜਨ ਸਿਹਤ ਵਿਭਾਗ ਵਲੋਂ ਭਰੋਸਾ ਦਿੱਤਾ ਗਿਆ ਸੀ ਅਤੇ ਅੱਜ ਇਸ ਸੜਕ ਦਾ ਕੰਮ ਸ਼ੁਰੂ ਹੋ ਗਿਆ ਹੈ। ਇਸ ਮੌਕੇ ਸ੍ਰੀ ਕਲਗੀਧਰ ਸਿੰਘ ਸਭਾ ਦੇ ਪ੍ਰਧਾਨ ਸ. ਅਮਰਜੀਤ ਸਿੰਘ ਪਾਹਵਾ, ਪ੍ਰੋਗਰੈਸਿਵ ਵੈਲਫੇਅਰ ਐਸੋਸੀਏਸ਼ਨ ਦੇ ਸੀਨੀਅਰ ਮੀਤ ਪ੍ਰਧਾਨ ਕਰਮ ਸਿੰਘ, ਸੁਖਦੇਵ ਸਿੰਘ ਗਿੱਲ ਵੀ ਮੌਜੂਦ ਸਨ।
ਗੁ: ਸਿੰਘ ਸ਼ਹੀਦਾਂ ਸੋਹਾਣਾ ਵਿਖੇ ਮਾਤਾ
ਗੁਜਰ ਕੌਰ ਜੀ ਦਾ 400 ਸਾਲਾ ਜਨਮ
ਦਿਹਾੜਾ ਬੜੀ ਸ਼ਰਧਾ ਨਾਲ ਮਨਾਇਆ
ਐਸ ਏ ਐਸ ਨਗਰ, 22 ਨਵੰਬਰ
ਨੇੜਲੇ ਪਿੰਡ ਸੋਹਾਣਾ ਦੇ ਇਤਿਹਾਸਕ ਗੁਰਦੁਆਰਾ ਸਿੰਘ ਸ਼ਹੀਦਾਂ ਵਿਖੇ ਮਾਤਾ ਗੁਜਰ ਕੌਰ ਜੀ ਦਾ 400 ਸਾਲਾ ਜਨਮ ਦਿਹਾੜਾ ਬੜੀ ਸ਼ਰਧਾ ਭਾਵਨਾ ਨਾਲ ਉਤਸ਼ਾਹ ਪੂਰਵਕ ਮਨਾਇਆ ਗਿਆ। ਜਨਮ ਦਿਹਾੜੇ ਦੀ ਖੁਸ਼ੀ ਵਿੱਚ ਸਵੇਰੇ ਸ੍ਰੀ ਸਹਿਜ ਪਾਠ ਸਾਹਿਬ ਜੀ ਦੇ ਭੋਗ ਉਪਰੰਤ ਸ਼ਬਦ ਕੀਰਤਨ ਹੋਇਆ। ਇਸ ਮੌਕੇ ਭਾਈ ਸ਼ਮਸ਼ੇਰ ਸਿੰਘ ਜੀ ਹਜ਼ੂਰੀ ਰਾਗੀ, ਭਾਈ ਗੁਰਦੀਪ ਸਿੰਘ ਜੀ ਅਤੇ ਭਾਈ ਜਸਵਿੰਦਰ ਸਿੰਘ ਜੀ ਨੇ ਕੀਰਤਨ ਕੀਤਾ। ਇਸ ਮੌਕੇ ਕਵੀਸ਼ਰੀ ਜਥੇ ਵੱਲੋਂ ਮਾਤਾ ਜੀ ਦੇ ਜੀਵਨ ਬਾਰੇ ਚਾਨਣਾ ਪਾਇਆ ਗਿਆ। ਸਮੂਹ ਸੰਗਤਾਂ ਨੇ ਵੱਡੀ ਗਿਣਤੀ ਵਿੱਚ ਹਾਜ਼ਰੀ ਭਰੀ ਅਤੇ ਗੁਰੂ ਕਾ ਲੰਗਰ ਅਤੁੱਟ ਵਰਤਿਆ।
